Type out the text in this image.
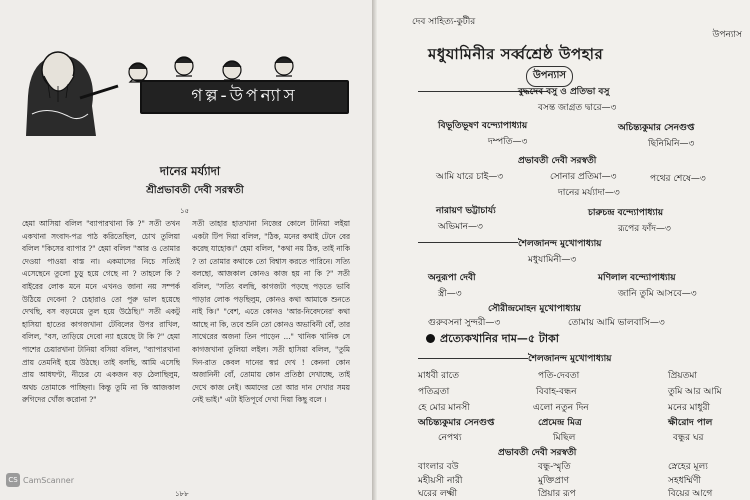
গল্প-উপন্যাস
দানের মর্য্যাদা
শ্রীপ্রভাবতী দেবী সরস্বতী
১৫

হেমা আসিয়া বলিল "ব্যাপারখানা কি ?" সতী তখন একখানা সংবাদ-পত্র পাঠ করিতেছিল, চোখ তুলিয়া বলিল "কিসের ব্যাপার ?" হেমা বলিল "আর ও তোমার দেওয়া পাওয়া বাস্ত না। একমাসের নিচে সত্যিই এসেছেনে তুলো চুড়ু হয়ে গেছে না ? তাহলে কি ? বাইরের লোক মনে মনে এখনও জানা নয় সম্পর্ক উঠিয়ে দেবেনা ? চেহারাও তো পুরু ভাল হয়েছে দেখছি, বস বড়মেয়ে তুল হয়ে উঠেছি।" সতী একটু হাসিয়া হাতের কাগজখানা টেবিলের উপর রাখিল, বলিল, "বস, তাড়িয়ে দেবো ন্যা হয়েছে টা কি ?" হেমা পাশের চেয়ারখানা টানিয়া বসিয়া বলিল, "ব্যাপারখানা প্রায় তেমনিই হয়ে উঠছে। তাই বলছি, আমি এসেছি প্রায় আধঘণ্টা, নীচের যে একজন বড় ঠেলাছিলুম, অথচ তোমাকে পাচ্ছিনা। কিন্তু তুমি না কি আজকাল রুগিদের খোঁজ করোনা ?"

সতী তাহার হাতখানা নিজের কোলে টানিয়া লইয়া একটা টিপ দিয়া বলিল, "ঠিক, মনের কথাই টেনে বের করেছ যাহোক।" হেমা বলিল, "কথা নয় ঠিক, তাই নাকি ? তা তোমার কথাকে তো বিশ্বাস করতে পারিনে। সত্যি বলছো, আজকাল কোনও কাজ হয় না কি ?" সতী বলিল, "সত্যি বলছি, কাগজটা পড়ছে পড়তে ভাবি পাড়ার লোক পড়ছিলুম, কোনও কথা আমাকে শুনতে নাই কি।" "বেশ, এতে কোনও 'আর-নিবেদনের' কথা আছে না কি, তবে শুনি তো কোনও অভাবিনী বোঁ, তার সাথেরের অজনা তিন পাড়েন ..." খানিক খানিক সে কাগজখানা তুলিয়া লইল। সতী হাসিয়া বলিল, "তুমি দিন-রাত কেবল দানের স্বপ্ন দেখ ! কেননা কোন অজানিনী বোঁ, তোমায় কোন প্রতিষ্ঠা দেখাচ্ছে, তাই দেখে কাজ নেই। অমাদের তো আর দান দেখার সময় নেই ভাই।" এটা ইতিপূর্বে দেখা দিয়া কিছু বলে ।

CS CamScanner
১৮৮
দেব সাহিত্য-কুটীর
উপন্যাস
মধুযামিনীর সর্ব্বশ্রেষ্ঠ উপহার
উপন্যাস
বুদ্ধদেব বসু ও প্রতিভা বসু
বসন্ত জাগ্রত দ্বারে—৩
বিভূতিভূষণ বন্দ্যোপাধ্যায়
দম্পতি—৩
অচিন্ত্যকুমার সেনগুপ্ত
ছিনিমিনি—৩
প্রভাবতী দেবী সরস্বতী
আমি যারে চাই—৩	সোনার প্রতিমা—৩	পথের শেষে—৩
দানের মর্য্যাদা—৩
নারায়ণ ভট্টাচার্য্য
অভিমান—৩
চারুচন্দ্র বন্দ্যোপাধ্যায়
রূপের ফাঁদ—৩
শৈলজানন্দ মুখোপাধ্যায়
মধুযামিনী—৩
অনুরূপা দেবী
স্ত্রী—৩
মণিলাল বন্দ্যোপাধ্যায়
জানি তুমি আসবে—৩
সৌরীন্দ্রমোহন মুখোপাধ্যায়
গুরুবসনা সুন্দরী—৩	তোমায় আমি ভালবাসি—৩
প্রত্যেকখানির দাম—৫ টাকা
শৈলজানন্দ মুখোপাধ্যায়
মাধবী রাতে	পতি-দেবতা	প্রিয়তমা
পতিব্রতা	বিবাহ-বন্ধন	তুমি আর আমি
হে মোর মানসী	এলো নতুন দিন	মনের মাধুরী
অচিন্ত্যকুমার সেনগুপ্ত	প্রেমেন্দ্র মিত্র	ক্ষীরোদ পাল
নেপথ্য	মিছিল	বন্ধুর ঘর
প্রভাবতী দেবী সরস্বতী
বাংলার বউ	বন্ধু-স্মৃতি	স্নেহের মূল্য
মহীয়সী নারী	মুক্তিপ্রাণ	সহধর্ম্মিণী
ঘরের লক্ষ্মী	প্রিয়ার রূপ	বিয়ের আগে
